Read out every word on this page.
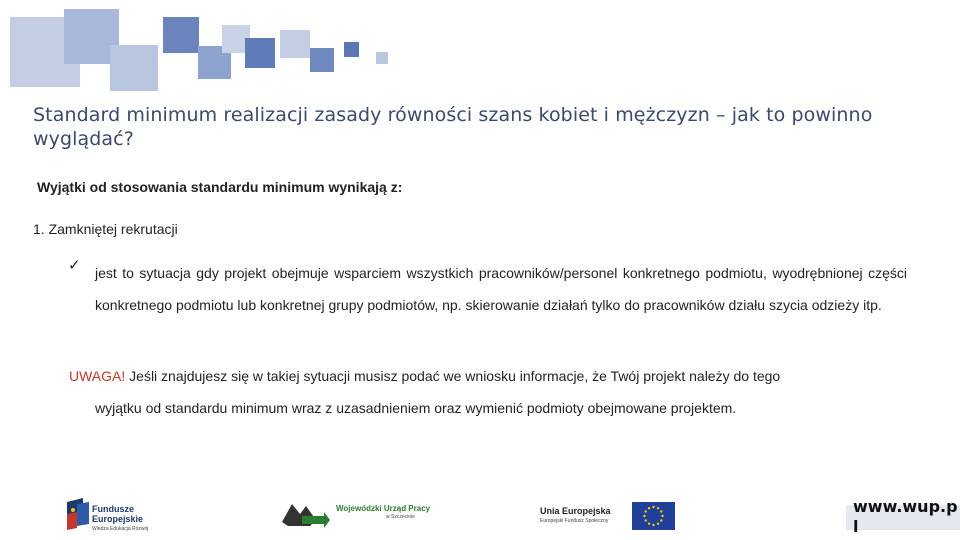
Standard minimum realizacji zasady równości szans kobiet i mężczyzn – jak to powinno wyglądać?
Wyjątki od stosowania standardu minimum wynikają z:
1. Zamkniętej rekrutacji
✓ jest to sytuacja gdy projekt obejmuje wsparciem wszystkich pracowników/personel konkretnego podmiotu, wyodrębnionej części konkretnego podmiotu lub konkretnej grupy podmiotów, np. skierowanie działań tylko do pracowników działu szycia odzieży itp.
UWAGA! Jeśli znajdujesz się w takiej sytuacji musisz podać we wniosku informacje, że Twój projekt należy do tego
wyjątku od standardu minimum wraz z uzasadnieniem oraz wymienić podmioty obejmowane projektem.
Fundusze
Europejskie
Wiedza Edukacja Rozwój
Wojewódzki Urząd Pracy
w Szczecinie
Unia Europejska
Europejski Fundusz Społeczny
www.wup.p l
